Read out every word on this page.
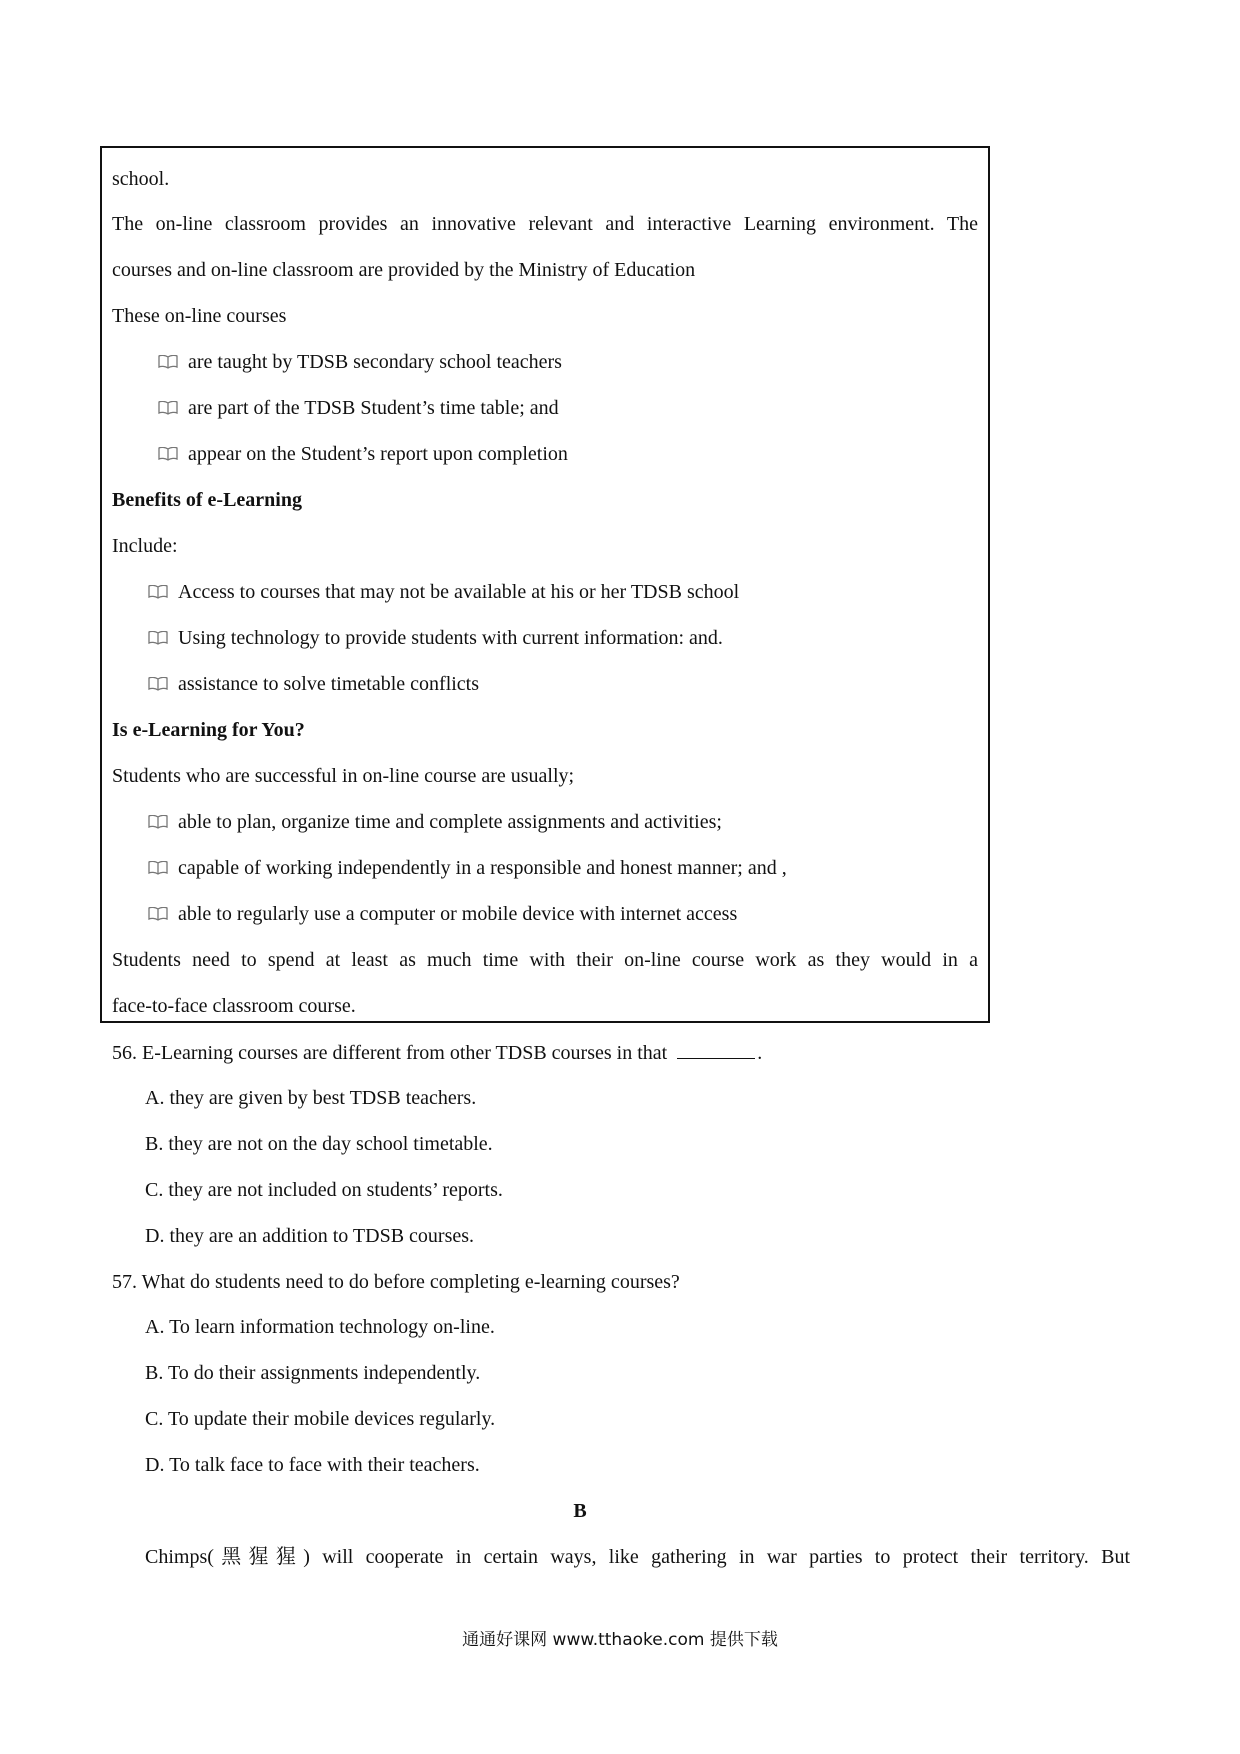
school.
The on-line classroom provides an innovative relevant and interactive Learning environment. The
courses and on-line classroom are provided by the Ministry of Education
These on-line courses
are taught by TDSB secondary school teachers
are part of the TDSB Student’s time table; and
appear on the Student’s report upon completion
Benefits of e-Learning
Include:
Access to courses that may not be available at his or her TDSB school
Using technology to provide students with current information: and.
assistance to solve timetable conflicts
Is e-Learning for You?
Students who are successful in on-line course are usually;
able to plan, organize time and complete assignments and activities;
capable of working independently in a responsible and honest manner; and ,
able to regularly use a computer or mobile device with internet access
Students need to spend at least as much time with their on-line course work as they would in a
face-to-face classroom course.
56. E-Learning courses are different from other TDSB courses in that	.
A. they are given by best TDSB teachers.
B. they are not on the day school timetable.
C. they are not included on students’ reports.
D. they are an addition to TDSB courses.
57. What do students need to do before completing e-learning courses?
A. To learn information technology on-line.
B. To do their assignments independently.
C. To update their mobile devices regularly.
D. To talk face to face with their teachers.
B
Chimps(黑猩猩) will cooperate in certain ways, like gathering in war parties to protect their territory. But
通通好课网 www.tthaoke.com 提供下载
